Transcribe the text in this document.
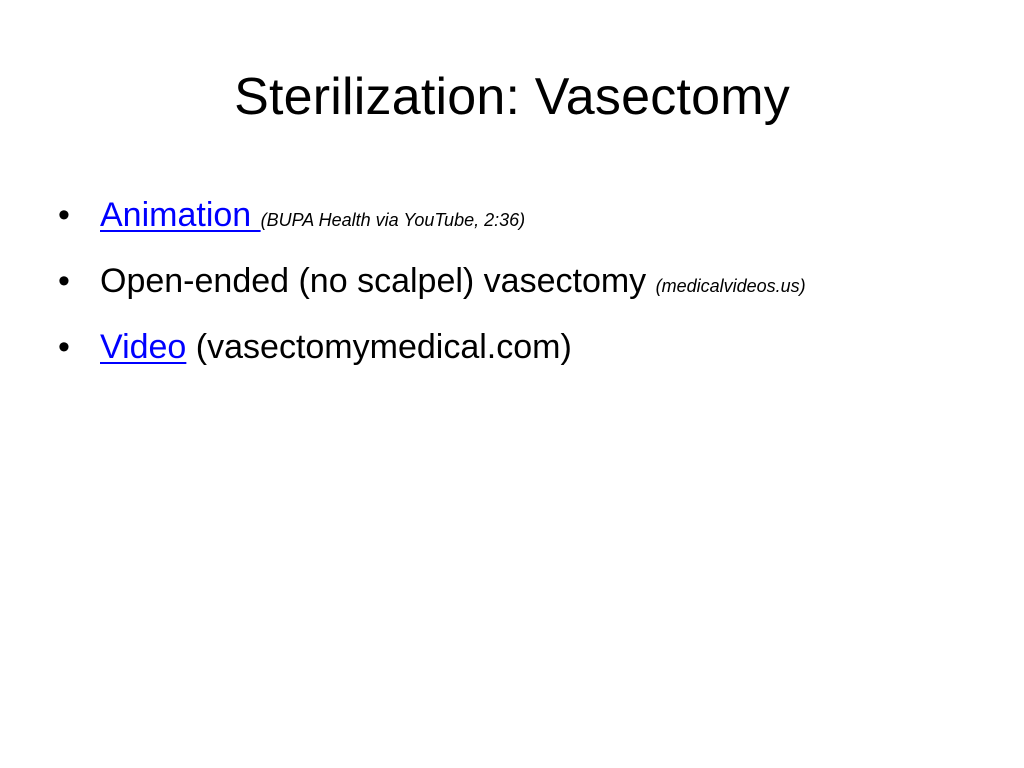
Sterilization: Vasectomy
• Animation (BUPA Health via YouTube, 2:36)
• Open-ended (no scalpel) vasectomy (medicalvideos.us)
• Video (vasectomymedical.com)
